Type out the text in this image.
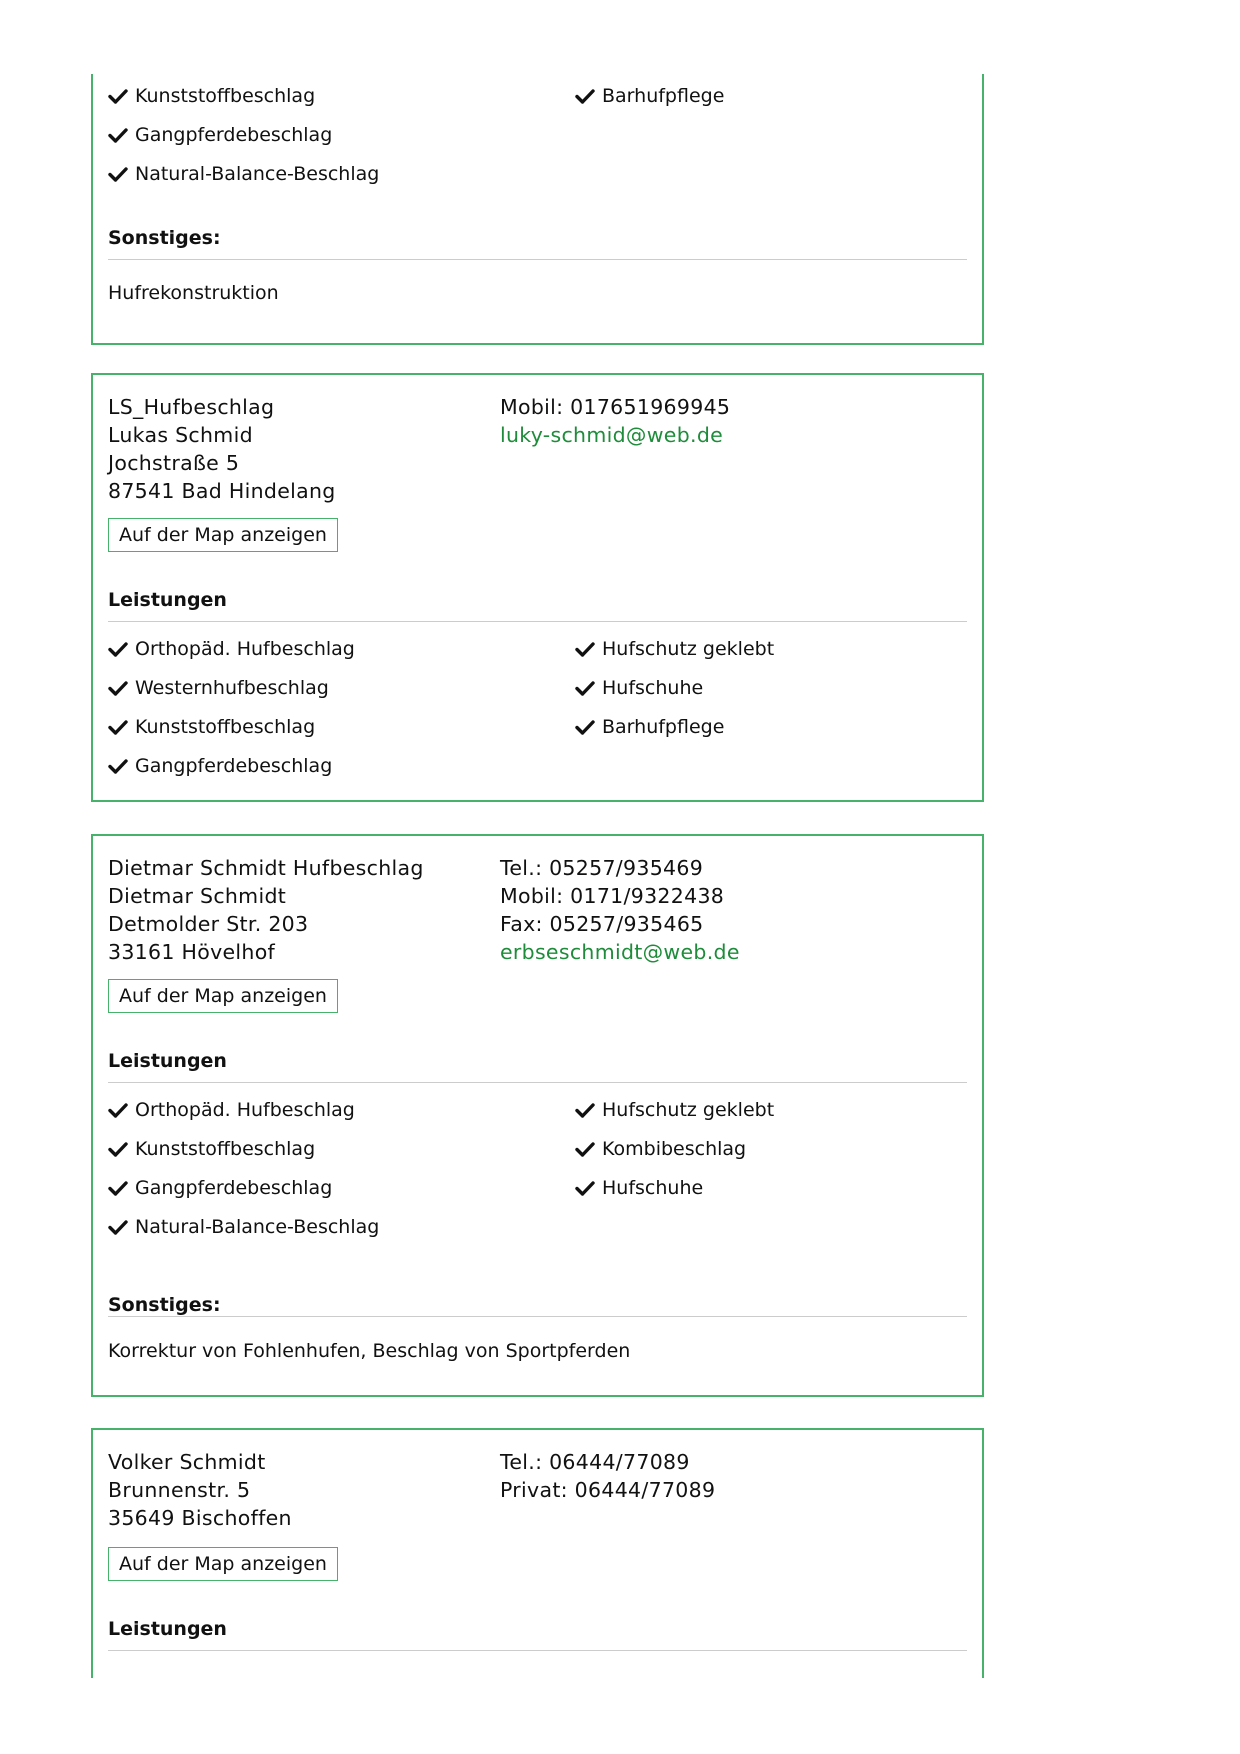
Kunststoffbeschlag
Gangpferdebeschlag
Natural-Balance-Beschlag
Barhufpflege
Sonstiges:
Hufrekonstruktion
LS_Hufbeschlag
Lukas Schmid
Jochstraße 5
87541 Bad Hindelang
Mobil: 017651969945
luky-schmid@web.de
Auf der Map anzeigen
Leistungen
Orthopäd. Hufbeschlag
Westernhufbeschlag
Kunststoffbeschlag
Gangpferdebeschlag
Hufschutz geklebt
Hufschuhe
Barhufpflege
Dietmar Schmidt Hufbeschlag
Dietmar Schmidt
Detmolder Str. 203
33161 Hövelhof
Tel.: 05257/935469
Mobil: 0171/9322438
Fax: 05257/935465
erbseschmidt@web.de
Auf der Map anzeigen
Leistungen
Orthopäd. Hufbeschlag
Kunststoffbeschlag
Gangpferdebeschlag
Natural-Balance-Beschlag
Hufschutz geklebt
Kombibeschlag
Hufschuhe
Sonstiges:
Korrektur von Fohlenhufen, Beschlag von Sportpferden
Volker Schmidt
Brunnenstr. 5
35649 Bischoffen
Tel.: 06444/77089
Privat: 06444/77089
Auf der Map anzeigen
Leistungen
